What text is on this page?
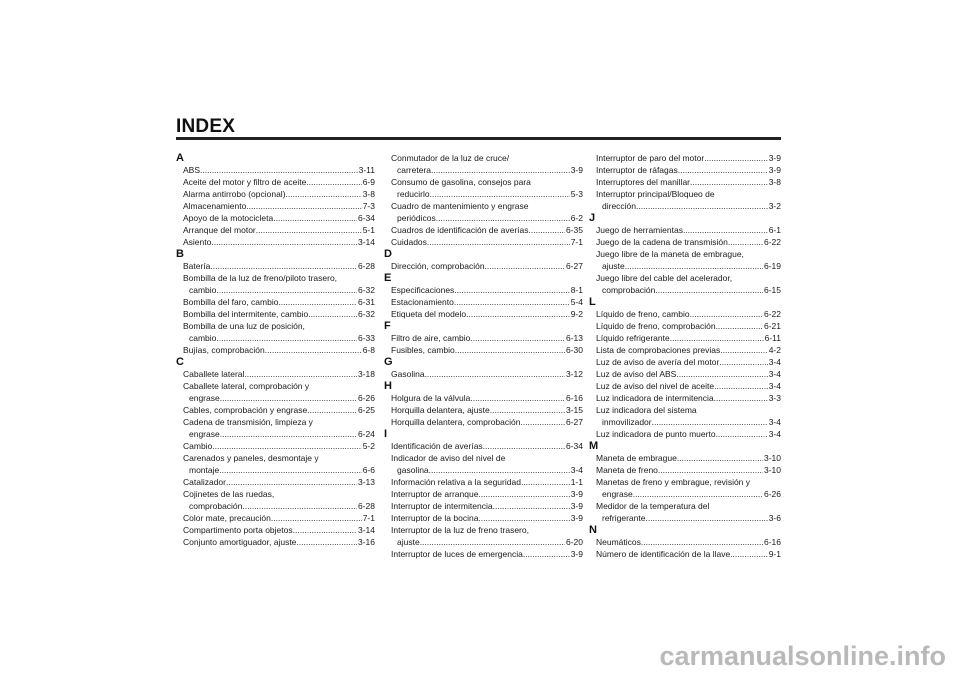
INDEX
A
ABS .....	3-11
Aceite del motor y filtro de aceite .....	6-9
Alarma antirrobo (opcional) .....	3-8
Almacenamiento .....	7-3
Apoyo de la motocicleta .....	6-34
Arranque del motor .....	5-1
Asiento .....	3-14
B
Batería .....	6-28
Bombilla de la luz de freno/piloto trasero,
cambio .....	6-32
Bombilla del faro, cambio .....	6-31
Bombilla del intermitente, cambio .....	6-32
Bombilla de una luz de posición,
cambio .....	6-33
Bujías, comprobación .....	6-8
C
Caballete lateral .....	3-18
Caballete lateral, comprobación y
engrase .....	6-26
Cables, comprobación y engrase .....	6-25
Cadena de transmisión, limpieza y
engrase .....	6-24
Cambio .....	5-2
Carenados y paneles, desmontaje y
montaje .....	6-6
Catalizador .....	3-13
Cojinetes de las ruedas,
comprobación .....	6-28
Color mate, precaución .....	7-1
Compartimento porta objetos .....	3-14
Conjunto amortiguador, ajuste .....	3-16
Conmutador de la luz de cruce/
carretera .....	3-9
Consumo de gasolina, consejos para
reducirlo .....	5-3
Cuadro de mantenimiento y engrase
periódicos .....	6-2
Cuadros de identificación de averías .....	6-35
Cuidados .....	7-1
D
Dirección, comprobación .....	6-27
E
Especificaciones .....	8-1
Estacionamiento .....	5-4
Etiqueta del modelo .....	9-2
F
Filtro de aire, cambio .....	6-13
Fusibles, cambio .....	6-30
G
Gasolina .....	3-12
H
Holgura de la válvula .....	6-16
Horquilla delantera, ajuste .....	3-15
Horquilla delantera, comprobación .....	6-27
I
Identificación de averías .....	6-34
Indicador de aviso del nivel de
gasolina .....	3-4
Información relativa a la seguridad .....	1-1
Interruptor de arranque .....	3-9
Interruptor de intermitencia .....	3-9
Interruptor de la bocina .....	3-9
Interruptor de la luz de freno trasero,
ajuste .....	6-20
Interruptor de luces de emergencia .....	3-9
Interruptor de paro del motor .....	3-9
Interruptor de ráfagas .....	3-9
Interruptores del manillar .....	3-8
Interruptor principal/Bloqueo de
dirección .....	3-2
J
Juego de herramientas .....	6-1
Juego de la cadena de transmisión .....	6-22
Juego libre de la maneta de embrague,
ajuste .....	6-19
Juego libre del cable del acelerador,
comprobación .....	6-15
L
Líquido de freno, cambio .....	6-22
Líquido de freno, comprobación .....	6-21
Líquido refrigerante .....	6-11
Lista de comprobaciones previas .....	4-2
Luz de aviso de avería del motor .....	3-4
Luz de aviso del ABS .....	3-4
Luz de aviso del nivel de aceite .....	3-4
Luz indicadora de intermitencia .....	3-3
Luz indicadora del sistema
inmovilizador .....	3-4
Luz indicadora de punto muerto .....	3-4
M
Maneta de embrague .....	3-10
Maneta de freno .....	3-10
Manetas de freno y embrague, revisión y
engrase .....	6-26
Medidor de la temperatura del
refrigerante .....	3-6
N
Neumáticos .....	6-16
Número de identificación de la llave .....	9-1
carmanualsonline.info
